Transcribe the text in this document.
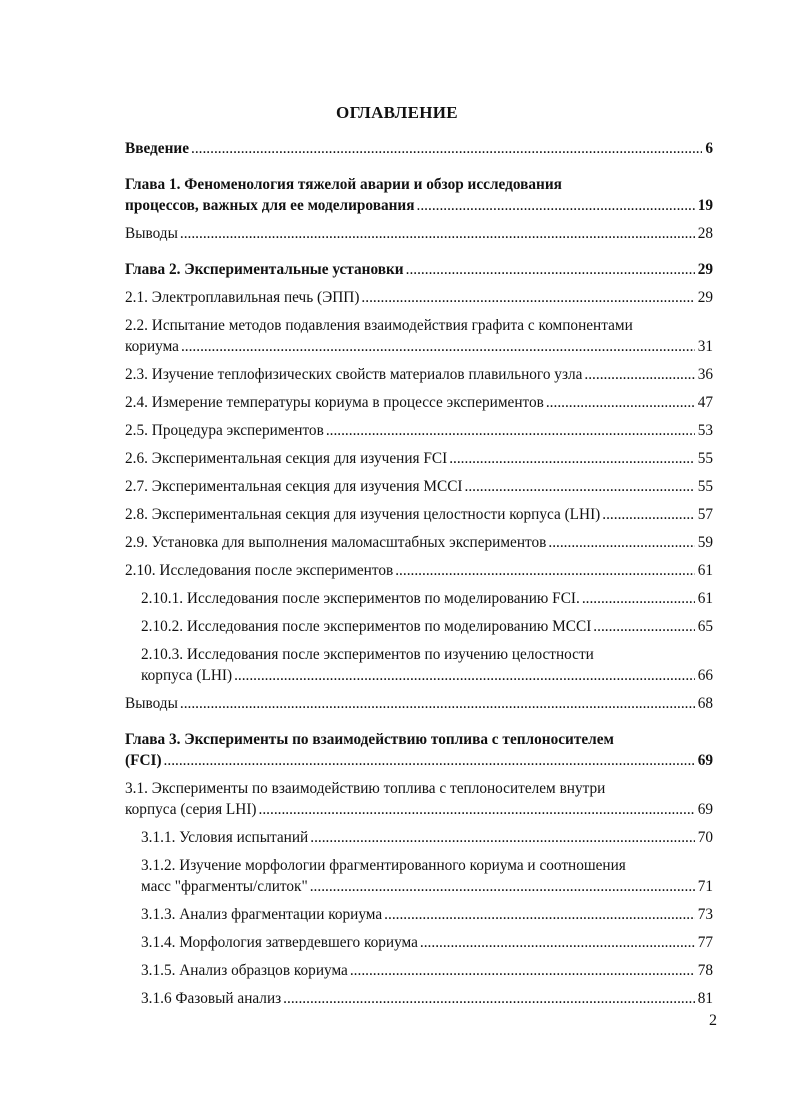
ОГЛАВЛЕНИЕ
Введение .....	6
Глава 1. Феноменология тяжелой аварии и обзор исследования
процессов, важных для ее моделирования .....	19
Выводы .....	28
Глава 2. Экспериментальные установки .....	29
2.1. Электроплавильная печь (ЭПП) .....	29
2.2. Испытание методов подавления взаимодействия графита с компонентами
кориума .....	31
2.3. Изучение теплофизических свойств материалов плавильного узла .....	36
2.4. Измерение температуры кориума в процессе экспериментов .....	47
2.5. Процедура экспериментов .....	53
2.6. Экспериментальная секция для изучения FCI .....	55
2.7. Экспериментальная секция для изучения MCCI .....	55
2.8. Экспериментальная секция для изучения целостности корпуса (LHI) .....	57
2.9. Установка для выполнения маломасштабных экспериментов .....	59
2.10. Исследования после экспериментов .....	61
2.10.1. Исследования после экспериментов по моделированию FCI. .....	61
2.10.2. Исследования после экспериментов по моделированию MCCI .....	65
2.10.3. Исследования после экспериментов по изучению целостности
корпуса (LHI) .....	66
Выводы .....	68
Глава 3. Эксперименты по взаимодействию топлива с теплоносителем
(FCI) .....	69
3.1. Эксперименты по взаимодействию топлива с теплоносителем внутри
корпуса (серия LHI) .....	69
3.1.1. Условия испытаний .....	70
3.1.2. Изучение морфологии фрагментированного кориума и соотношения
масс "фрагменты/слиток" .....	71
3.1.3. Анализ фрагментации кориума .....	73
3.1.4. Морфология затвердевшего кориума .....	77
3.1.5. Анализ образцов кориума .....	78
3.1.6 Фазовый анализ .....	81
2
